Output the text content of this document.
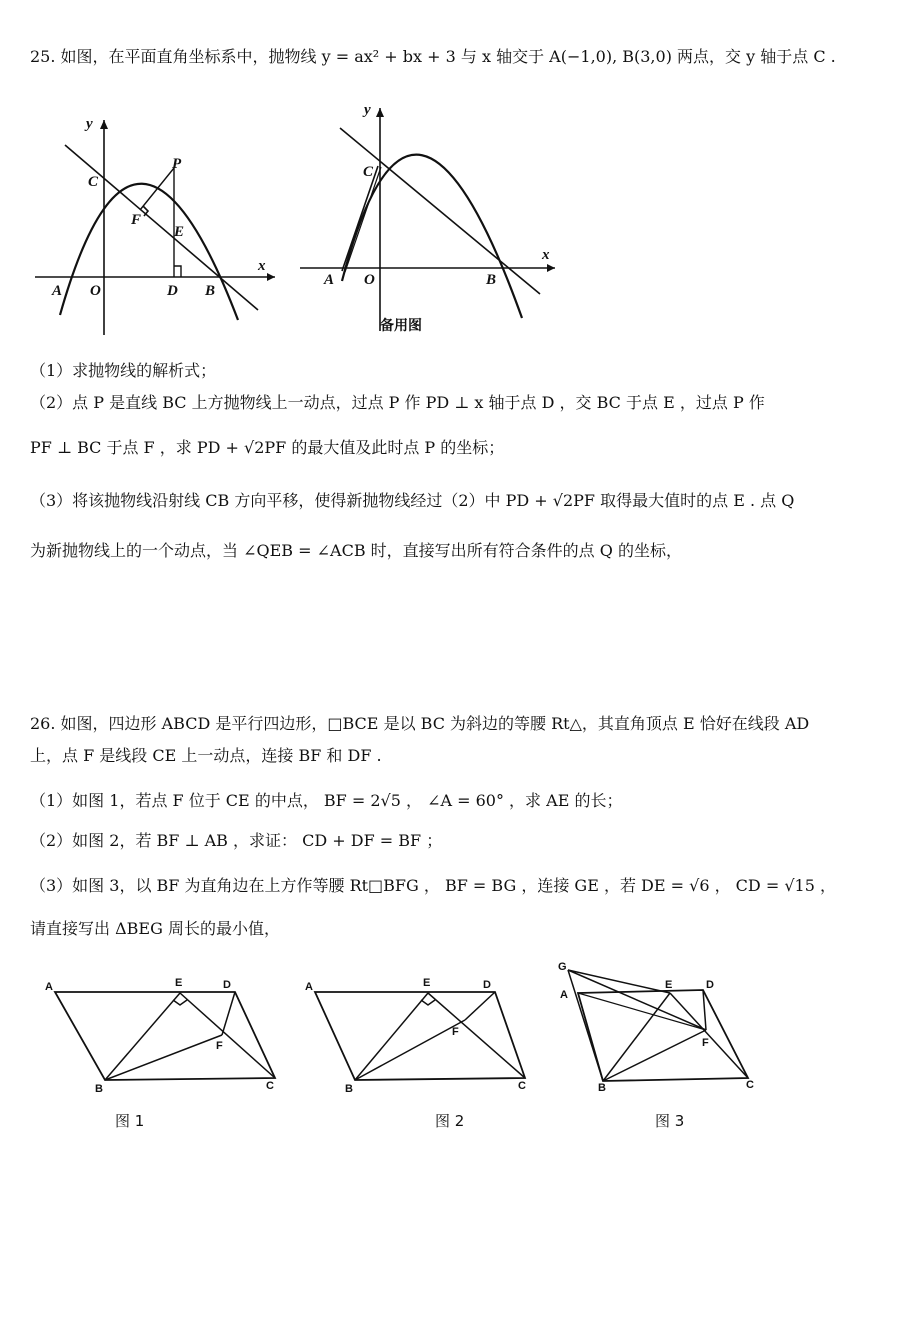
25. 如图，在平面直角坐标系中，抛物线 y = ax² + bx + 3 与 x 轴交于 A(−1,0), B(3,0) 两点，交 y 轴于点 C .
y
x
C
P
F
E
A O	D B
y
x
C
A O	B
备用图
（1）求抛物线的解析式；
（2）点 P 是直线 BC 上方抛物线上一动点，过点 P 作 PD ⊥ x 轴于点 D ，交 BC 于点 E ，过点 P 作
PF ⊥ BC 于点 F ，求 PD + √2PF 的最大值及此时点 P 的坐标；
（3）将该抛物线沿射线 CB 方向平移，使得新抛物线经过（2）中 PD + √2PF 取得最大值时的点 E . 点 Q
为新抛物线上的一个动点，当 ∠QEB = ∠ACB 时，直接写出所有符合条件的点 Q 的坐标，
26. 如图，四边形 ABCD 是平行四边形，□BCE 是以 BC 为斜边的等腰 Rt△，其直角顶点 E 恰好在线段 AD
上，点 F 是线段 CE 上一动点，连接 BF 和 DF .
（1）如图 1，若点 F 位于 CE 的中点， BF = 2√5 ， ∠A = 60° ，求 AE 的长；
（2）如图 2，若 BF ⊥ AB ，求证： CD + DF = BF ；
（3）如图 3，以 BF 为直角边在上方作等腰 Rt□BFG ， BF = BG ，连接 GE ，若 DE = √6 ， CD = √15 ，
请直接写出 ΔBEG 周长的最小值，
A	E	D
F
B	C
A	E	D
F
B	C
G
A
E	D
F
B	C
图 1	图 2	图 3
